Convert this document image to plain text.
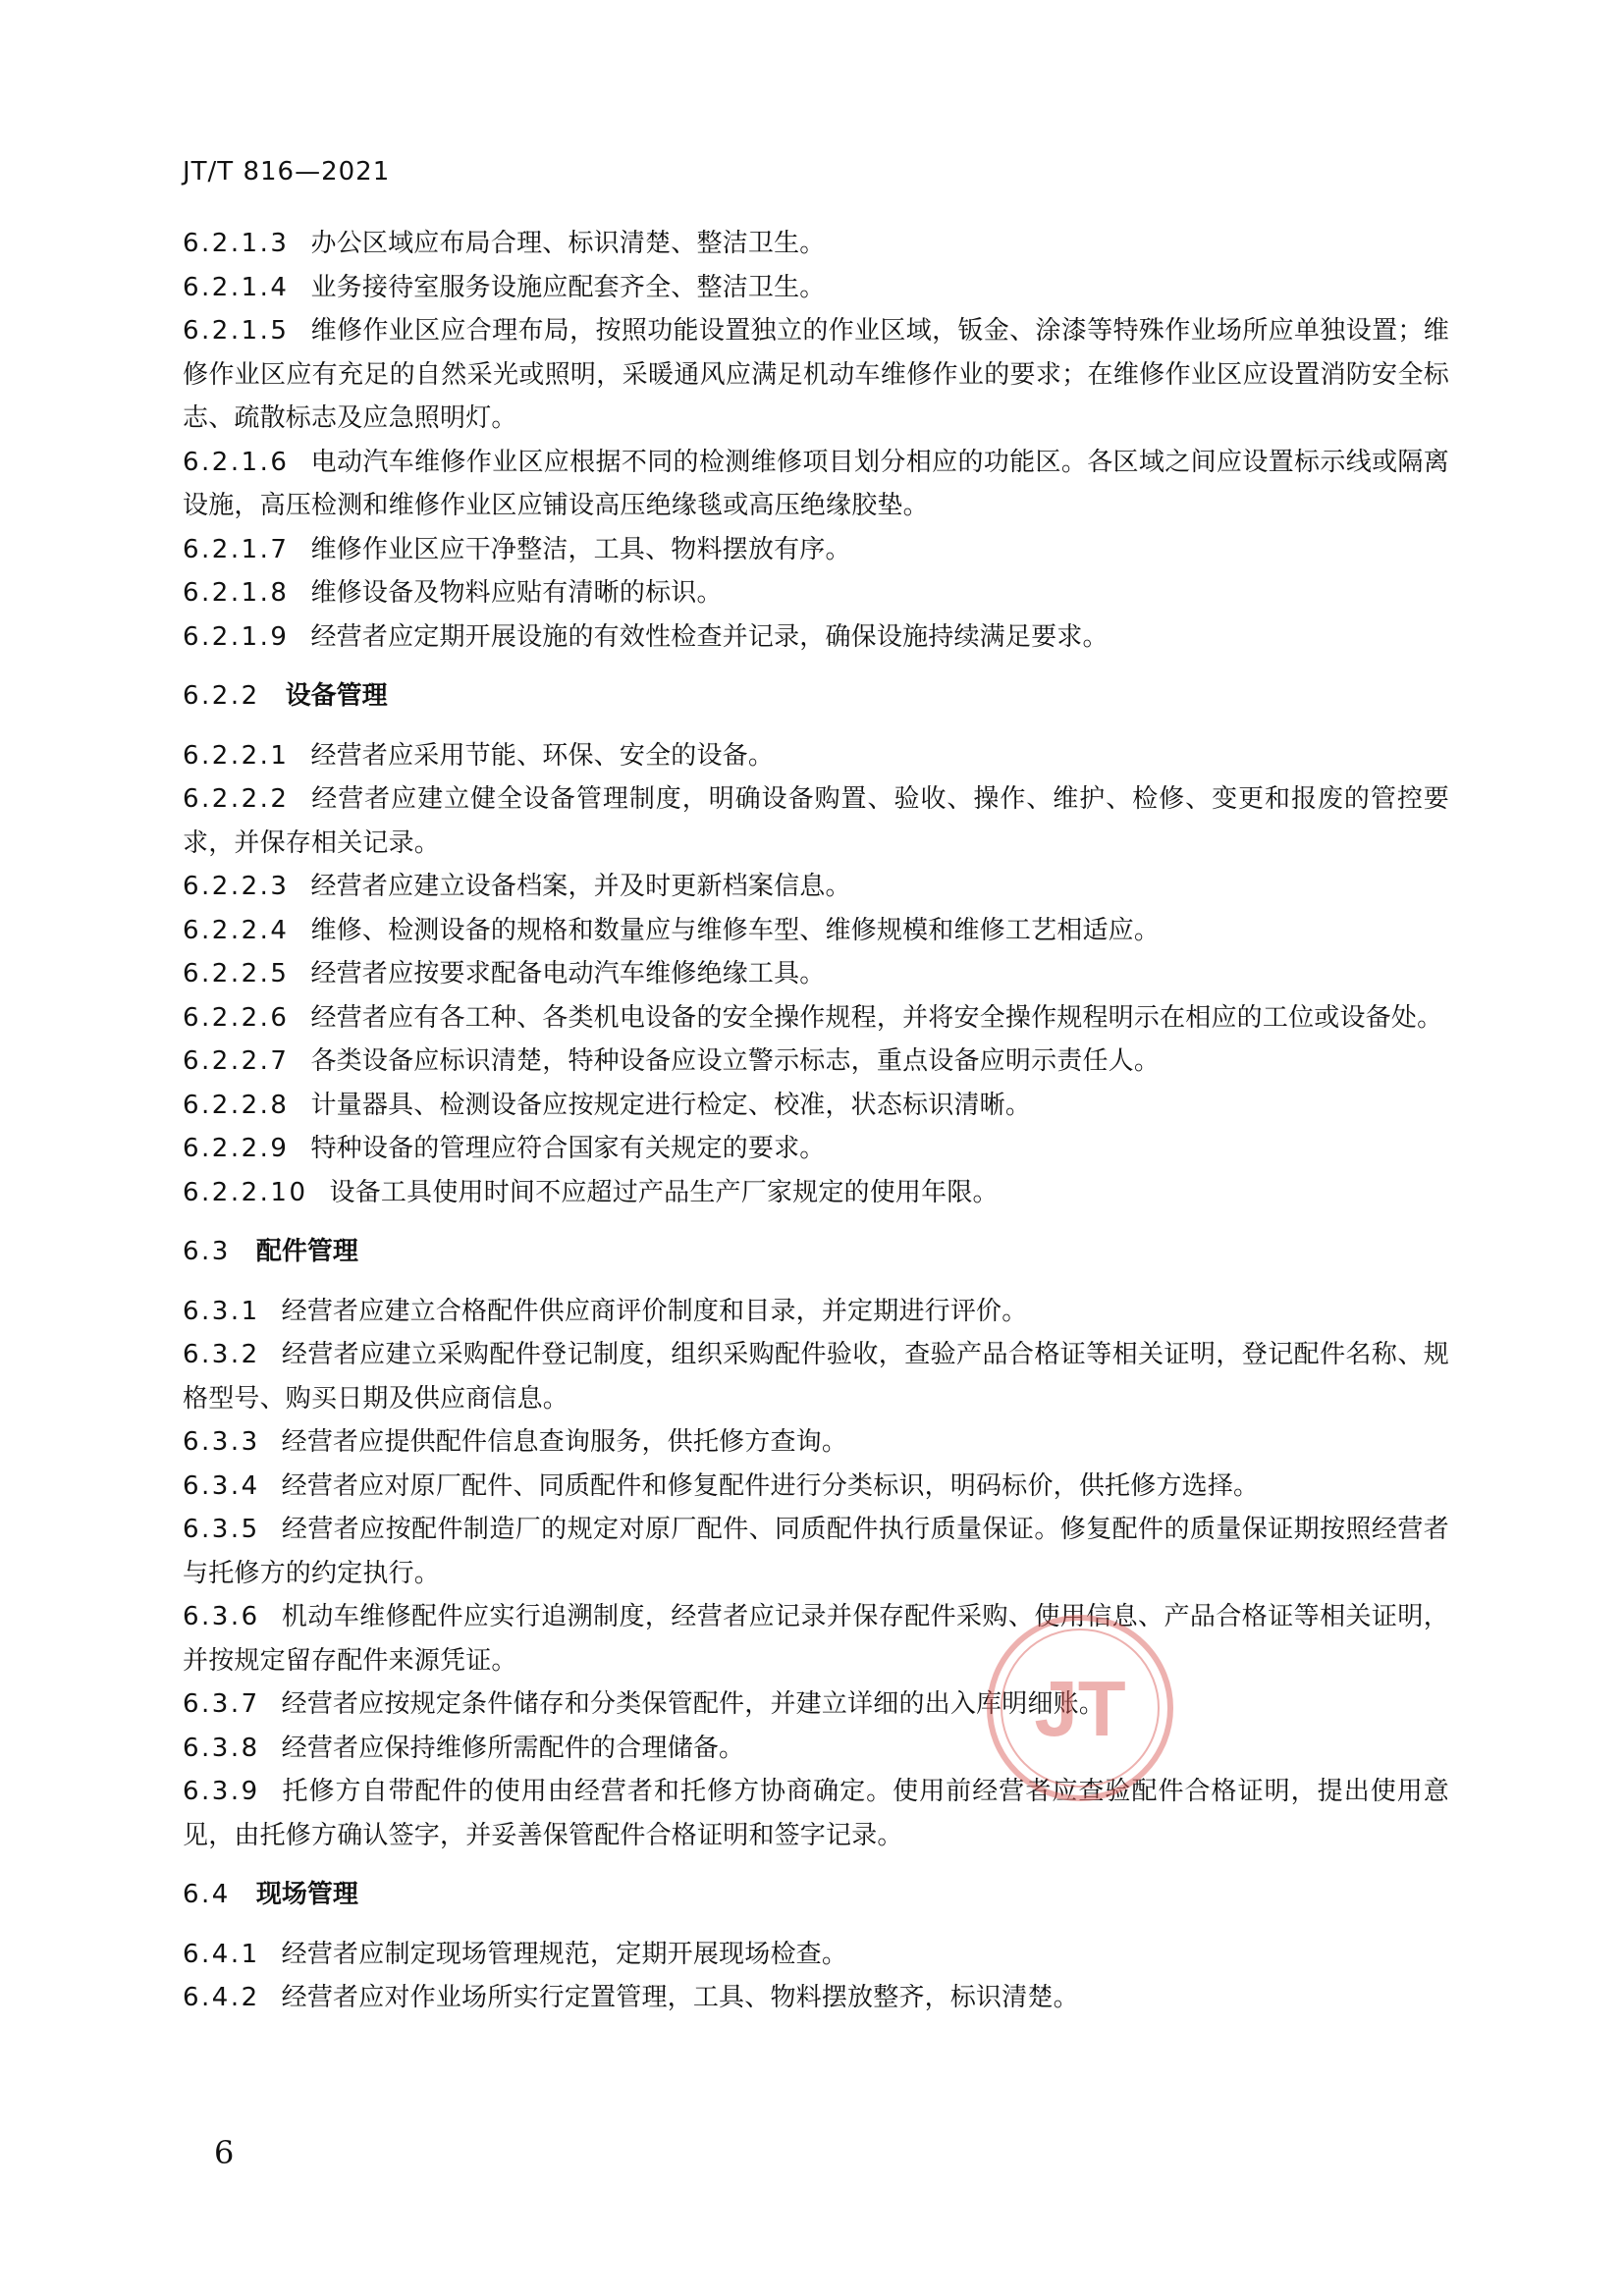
JT/T 816—2021
6.2.1.3 办公区域应布局合理、标识清楚、整洁卫生。
6.2.1.4 业务接待室服务设施应配套齐全、整洁卫生。
6.2.1.5 维修作业区应合理布局，按照功能设置独立的作业区域，钣金、涂漆等特殊作业场所应单独设置；维修作业区应有充足的自然采光或照明，采暖通风应满足机动车维修作业的要求；在维修作业区应设置消防安全标志、疏散标志及应急照明灯。
6.2.1.6 电动汽车维修作业区应根据不同的检测维修项目划分相应的功能区。各区域之间应设置标示线或隔离设施，高压检测和维修作业区应铺设高压绝缘毯或高压绝缘胶垫。
6.2.1.7 维修作业区应干净整洁，工具、物料摆放有序。
6.2.1.8 维修设备及物料应贴有清晰的标识。
6.2.1.9 经营者应定期开展设施的有效性检查并记录，确保设施持续满足要求。
6.2.2 设备管理
6.2.2.1 经营者应采用节能、环保、安全的设备。
6.2.2.2 经营者应建立健全设备管理制度，明确设备购置、验收、操作、维护、检修、变更和报废的管控要求，并保存相关记录。
6.2.2.3 经营者应建立设备档案，并及时更新档案信息。
6.2.2.4 维修、检测设备的规格和数量应与维修车型、维修规模和维修工艺相适应。
6.2.2.5 经营者应按要求配备电动汽车维修绝缘工具。
6.2.2.6 经营者应有各工种、各类机电设备的安全操作规程，并将安全操作规程明示在相应的工位或设备处。
6.2.2.7 各类设备应标识清楚，特种设备应设立警示标志，重点设备应明示责任人。
6.2.2.8 计量器具、检测设备应按规定进行检定、校准，状态标识清晰。
6.2.2.9 特种设备的管理应符合国家有关规定的要求。
6.2.2.10 设备工具使用时间不应超过产品生产厂家规定的使用年限。
6.3 配件管理
6.3.1 经营者应建立合格配件供应商评价制度和目录，并定期进行评价。
6.3.2 经营者应建立采购配件登记制度，组织采购配件验收，查验产品合格证等相关证明，登记配件名称、规格型号、购买日期及供应商信息。
6.3.3 经营者应提供配件信息查询服务，供托修方查询。
6.3.4 经营者应对原厂配件、同质配件和修复配件进行分类标识，明码标价，供托修方选择。
6.3.5 经营者应按配件制造厂的规定对原厂配件、同质配件执行质量保证。修复配件的质量保证期按照经营者与托修方的约定执行。
6.3.6 机动车维修配件应实行追溯制度，经营者应记录并保存配件采购、使用信息、产品合格证等相关证明，并按规定留存配件来源凭证。
6.3.7 经营者应按规定条件储存和分类保管配件，并建立详细的出入库明细账。
6.3.8 经营者应保持维修所需配件的合理储备。
6.3.9 托修方自带配件的使用由经营者和托修方协商确定。使用前经营者应查验配件合格证明，提出使用意见，由托修方确认签字，并妥善保管配件合格证明和签字记录。
6.4 现场管理
6.4.1 经营者应制定现场管理规范，定期开展现场检查。
6.4.2 经营者应对作业场所实行定置管理，工具、物料摆放整齐，标识清楚。
JT
6
